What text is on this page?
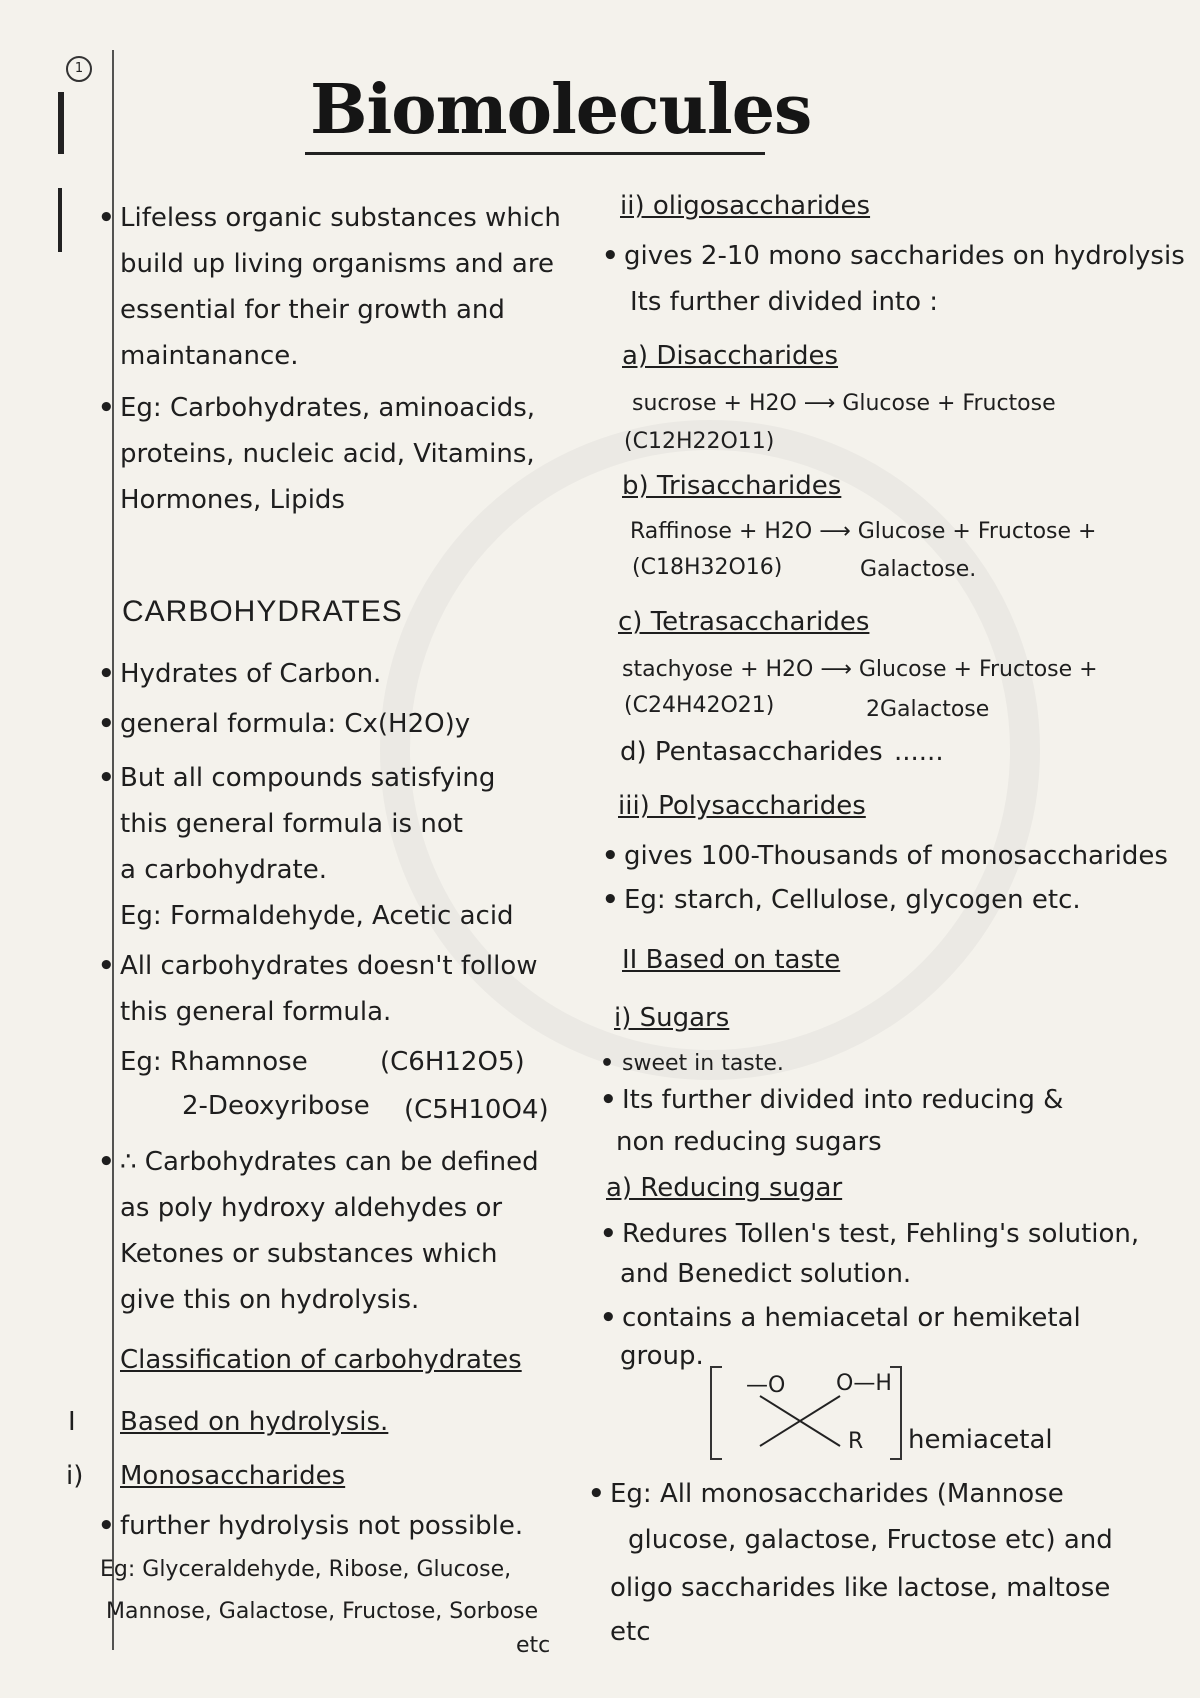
1
Biomolecules
• Lifeless organic substances which
build up living organisms and are
essential for their growth and
maintanance.
• Eg: Carbohydrates, aminoacids,
proteins, nucleic acid, Vitamins,
Hormones, Lipids
CARBOHYDRATES
• Hydrates of Carbon.
• general formula: Cx(H2O)y
• But all compounds satisfying
this general formula is not
a carbohydrate.
Eg: Formaldehyde, Acetic acid
• All carbohydrates doesn't follow
this general formula.
Eg: Rhamnose	(C6H12O5)
2-Deoxyribose (C5H10O4)
• ∴ Carbohydrates can be defined
as poly hydroxy aldehydes or
Ketones or substances which
give this on hydrolysis.
Classification of carbohydrates
I Based on hydrolysis.
i) Monosaccharides
• further hydrolysis not possible.
Eg: Glyceraldehyde, Ribose, Glucose,
Mannose, Galactose, Fructose, Sorbose
etc
ii) oligosaccharides
• gives 2-10 mono saccharides on hydrolysis
Its further divided into :
a) Disaccharides
sucrose + H2O ⟶ Glucose + Fructose
(C12H22O11)
b) Trisaccharides
Raffinose + H2O ⟶ Glucose + Fructose +
(C18H32O16)	Galactose.
c) Tetrasaccharides
stachyose + H2O ⟶ Glucose + Fructose +
(C24H42O21)	2Galactose
d) Pentasaccharides ......
iii) Polysaccharides
• gives 100-Thousands of monosaccharides
• Eg: starch, Cellulose, glycogen etc.
II Based on taste
i) Sugars
• sweet in taste.
• Its further divided into reducing &
non reducing sugars
a) Reducing sugar
• Redures Tollen's test, Fehling's solution,
and Benedict solution.
• contains a hemiacetal or hemiketal
group.
—O O—H
R hemiacetal
• Eg: All monosaccharides (Mannose
glucose, galactose, Fructose etc) and
oligo saccharides like lactose, maltose
etc
